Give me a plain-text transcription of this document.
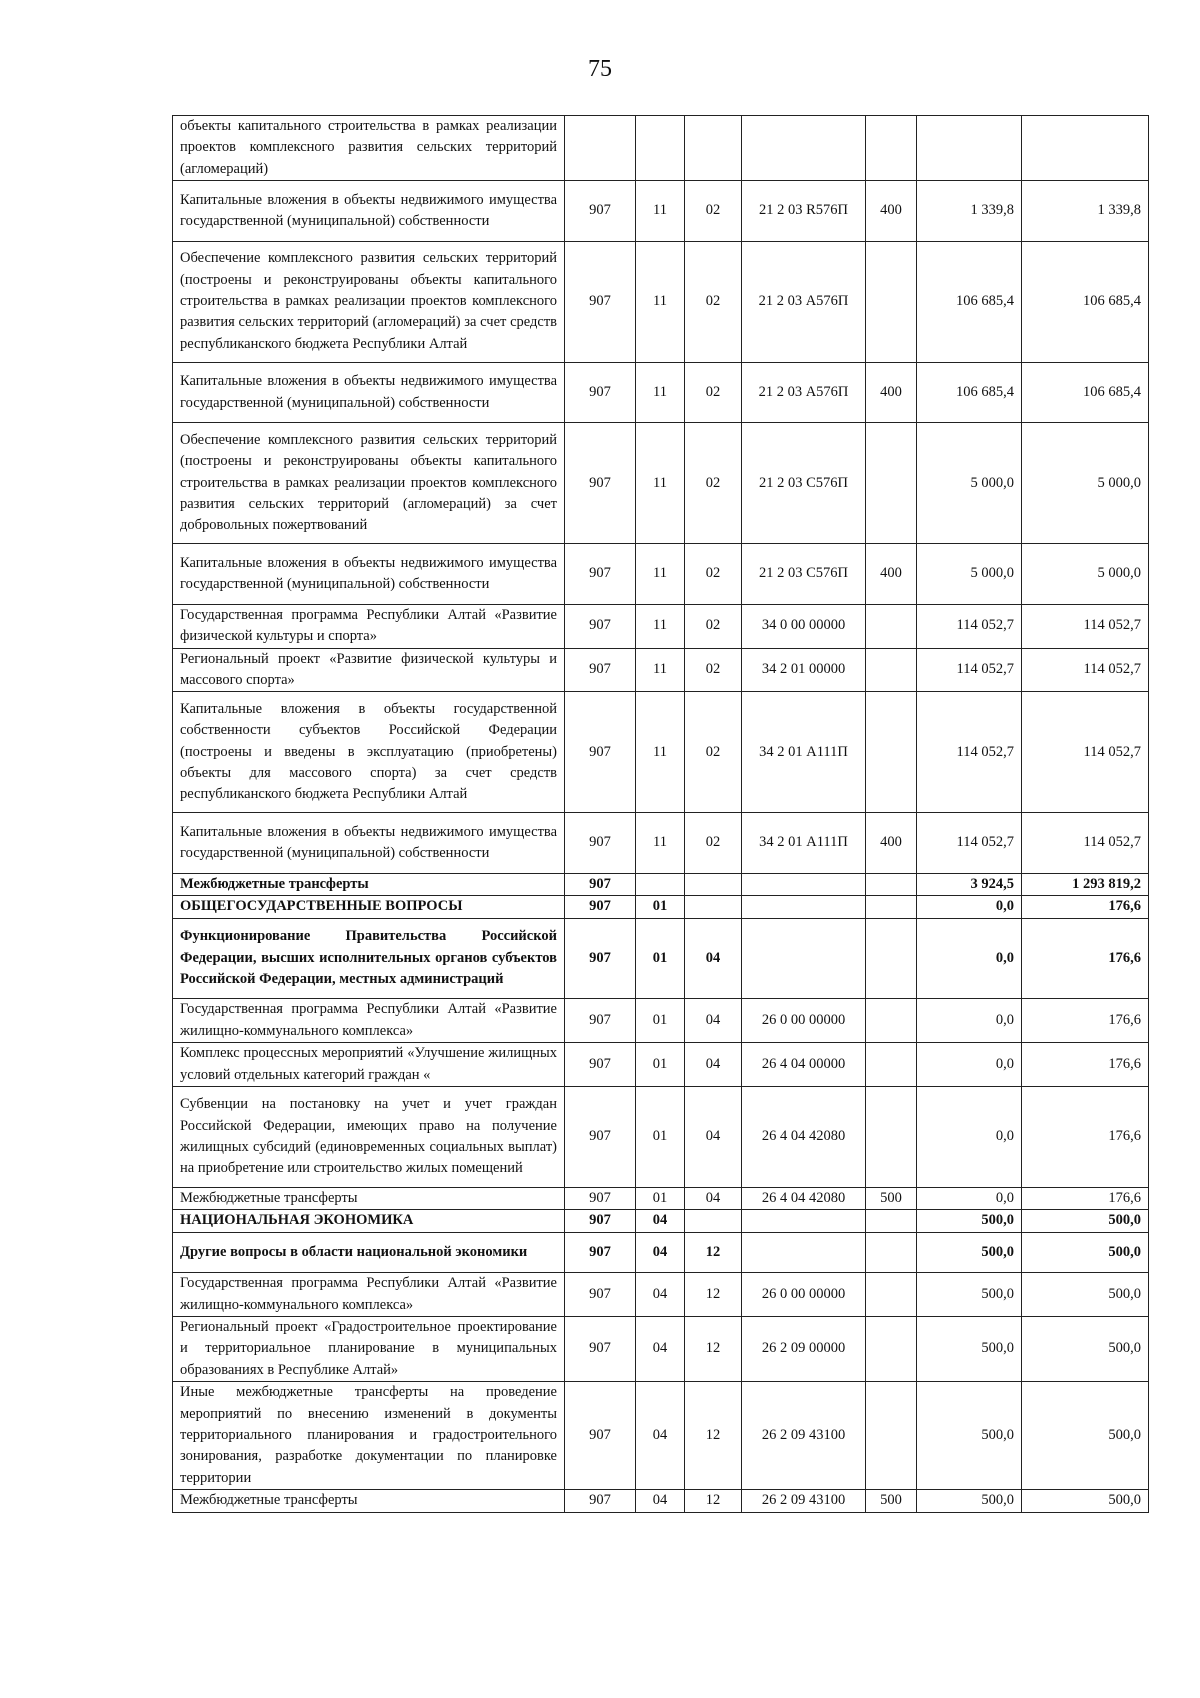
75
объекты капитального строительства в рамках реализации проектов комплексного развития сельских территорий (агломераций)							
Капитальные вложения в объекты недвижимого имущества государственной (муниципальной) собственности	907	11	02	21 2 03 R576П	400	1 339,8	1 339,8
Обеспечение комплексного развития сельских территорий (построены и реконструированы объекты капитального строительства в рамках реализации проектов комплексного развития сельских территорий (агломераций) за счет средств республиканского бюджета Республики Алтай	907	11	02	21 2 03 А576П		106 685,4	106 685,4
Капитальные вложения в объекты недвижимого имущества государственной (муниципальной) собственности	907	11	02	21 2 03 А576П	400	106 685,4	106 685,4
Обеспечение комплексного развития сельских территорий (построены и реконструированы объекты капитального строительства в рамках реализации проектов комплексного развития сельских территорий (агломераций) за счет добровольных пожертвований	907	11	02	21 2 03 С576П		5 000,0	5 000,0
Капитальные вложения в объекты недвижимого имущества государственной (муниципальной) собственности	907	11	02	21 2 03 С576П	400	5 000,0	5 000,0
Государственная программа Республики Алтай «Развитие физической культуры и спорта»	907	11	02	34 0 00 00000		114 052,7	114 052,7
Региональный проект «Развитие физической культуры и массового спорта»	907	11	02	34 2 01 00000		114 052,7	114 052,7
Капитальные вложения в объекты государственной собственности субъектов Российской Федерации (построены и введены в эксплуатацию (приобретены) объекты для массового спорта) за счет средств республиканского бюджета Республики Алтай	907	11	02	34 2 01 А111П		114 052,7	114 052,7
Капитальные вложения в объекты недвижимого имущества государственной (муниципальной) собственности	907	11	02	34 2 01 А111П	400	114 052,7	114 052,7
Межбюджетные трансферты	907					3 924,5	1 293 819,2
ОБЩЕГОСУДАРСТВЕННЫЕ ВОПРОСЫ	907	01				0,0	176,6
Функционирование Правительства Российской Федерации, высших исполнительных органов субъектов Российской Федерации, местных администраций	907	01	04			0,0	176,6
Государственная программа Республики Алтай «Развитие жилищно-коммунального комплекса»	907	01	04	26 0 00 00000		0,0	176,6
Комплекс процессных мероприятий «Улучшение жилищных условий отдельных категорий граждан «	907	01	04	26 4 04 00000		0,0	176,6
Субвенции на постановку на учет и учет граждан Российской Федерации, имеющих право на получение жилищных субсидий (единовременных социальных выплат) на приобретение или строительство жилых помещений	907	01	04	26 4 04 42080		0,0	176,6
Межбюджетные трансферты	907	01	04	26 4 04 42080	500	0,0	176,6
НАЦИОНАЛЬНАЯ ЭКОНОМИКА	907	04				500,0	500,0
Другие вопросы в области национальной экономики	907	04	12			500,0	500,0
Государственная программа Республики Алтай «Развитие жилищно-коммунального комплекса»	907	04	12	26 0 00 00000		500,0	500,0
Региональный проект «Градостроительное проектирование и территориальное планирование в муниципальных образованиях в Республике Алтай»	907	04	12	26 2 09 00000		500,0	500,0
Иные межбюджетные трансферты на проведение мероприятий по внесению изменений в документы территориального планирования и градостроительного зонирования, разработке документации по планировке территории	907	04	12	26 2 09 43100		500,0	500,0
Межбюджетные трансферты	907	04	12	26 2 09 43100	500	500,0	500,0
